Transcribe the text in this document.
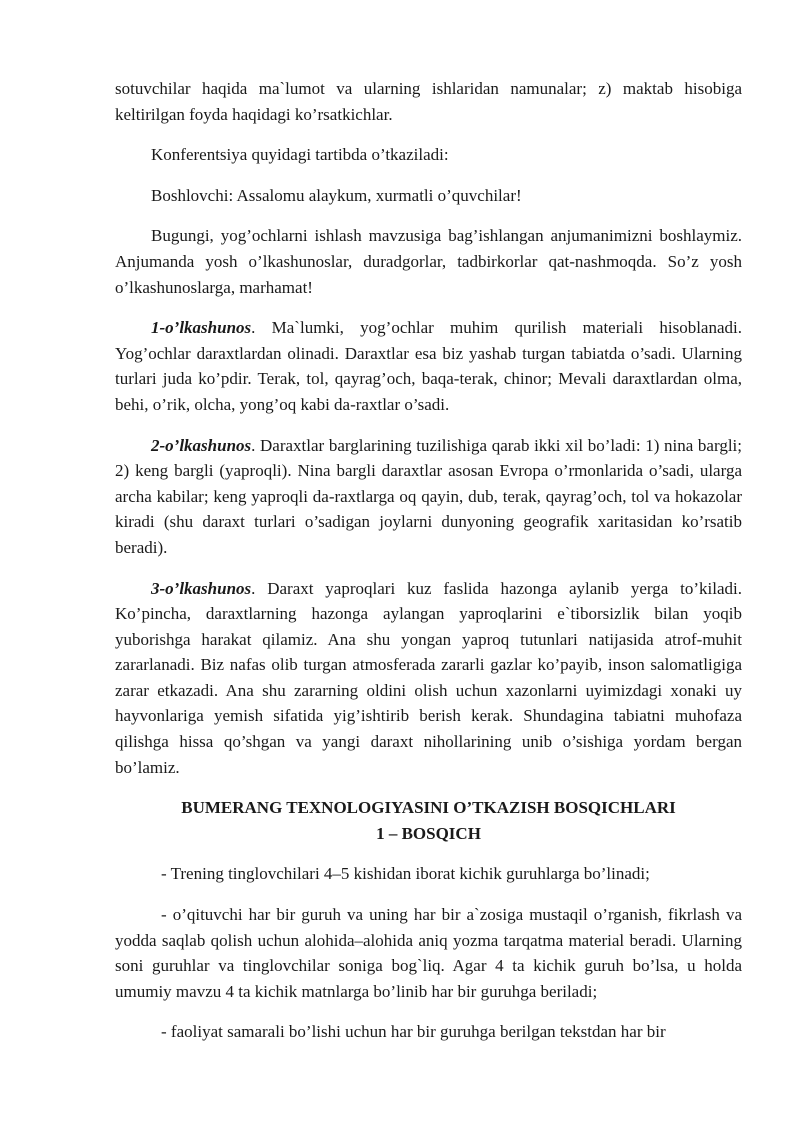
sotuvchilar haqida ma`lumot va ularning ishlaridan namunalar; z) maktab hisobiga keltirilgan foyda haqidagi ko’rsatkichlar.

Konferentsiya quyidagi tartibda o’tkaziladi:

Boshlovchi: Assalomu alaykum, xurmatli o’quvchilar!

Bugungi, yog’ochlarni ishlash mavzusiga bag’ishlangan anjumanimizni boshlaymiz. Anjumanda yosh o’lkashunoslar, duradgorlar, tadbirkorlar qat-nashmoqda. So’z yosh o’lkashunoslarga, marhamat!

1-o’lkashunos. Ma`lumki, yog’ochlar muhim qurilish materiali hisoblanadi. Yog’ochlar daraxtlardan olinadi. Daraxtlar esa biz yashab turgan tabiatda o’sadi. Ularning turlari juda ko’pdir. Terak, tol, qayrag’och, baqa-terak, chinor; Mevali daraxtlardan olma, behi, o’rik, olcha, yong’oq kabi da-raxtlar o’sadi.

2-o’lkashunos. Daraxtlar barglarining tuzilishiga qarab ikki xil bo’ladi: 1) nina bargli; 2) keng bargli (yaproqli). Nina bargli daraxtlar asosan Evropa o’rmonlarida o’sadi, ularga archa kabilar; keng yaproqli da-raxtlarga oq qayin, dub, terak, qayrag’och, tol va hokazolar kiradi (shu daraxt turlari o’sadigan joylarni dunyoning geografik xaritasidan ko’rsatib beradi).

3-o’lkashunos. Daraxt yaproqlari kuz faslida hazonga aylanib yerga to’kiladi. Ko’pincha, daraxtlarning hazonga aylangan yaproqlarini e`tiborsizlik bilan yoqib yuborishga harakat qilamiz. Ana shu yongan yaproq tutunlari natijasida atrof-muhit zararlanadi. Biz nafas olib turgan atmosferada zararli gazlar ko’payib, inson salomatligiga zarar etkazadi. Ana shu zararning oldini olish uchun xazonlarni uyimizdagi xonaki uy hayvonlariga yemish sifatida yig’ishtirib berish kerak. Shundagina tabiatni muhofaza qilishga hissa qo’shgan va yangi daraxt nihollarining unib o’sishiga yordam bergan bo’lamiz.

BUMERANG TEXNOLOGIYASINI O’TKAZISH BOSQICHLARI

1 – BOSQICH

- Trening tinglovchilari 4–5 kishidan iborat kichik guruhlarga bo’linadi;

- o’qituvchi har bir guruh va uning har bir a`zosiga mustaqil o’rganish, fikrlash va yodda saqlab qolish uchun alohida–alohida aniq yozma tarqatma material beradi. Ularning soni guruhlar va tinglovchilar soniga bog`liq. Agar 4 ta kichik guruh bo’lsa, u holda umumiy mavzu 4 ta kichik matnlarga bo’linib har bir guruhga beriladi;

- faoliyat samarali bo’lishi uchun har bir guruhga berilgan tekstdan har bir
